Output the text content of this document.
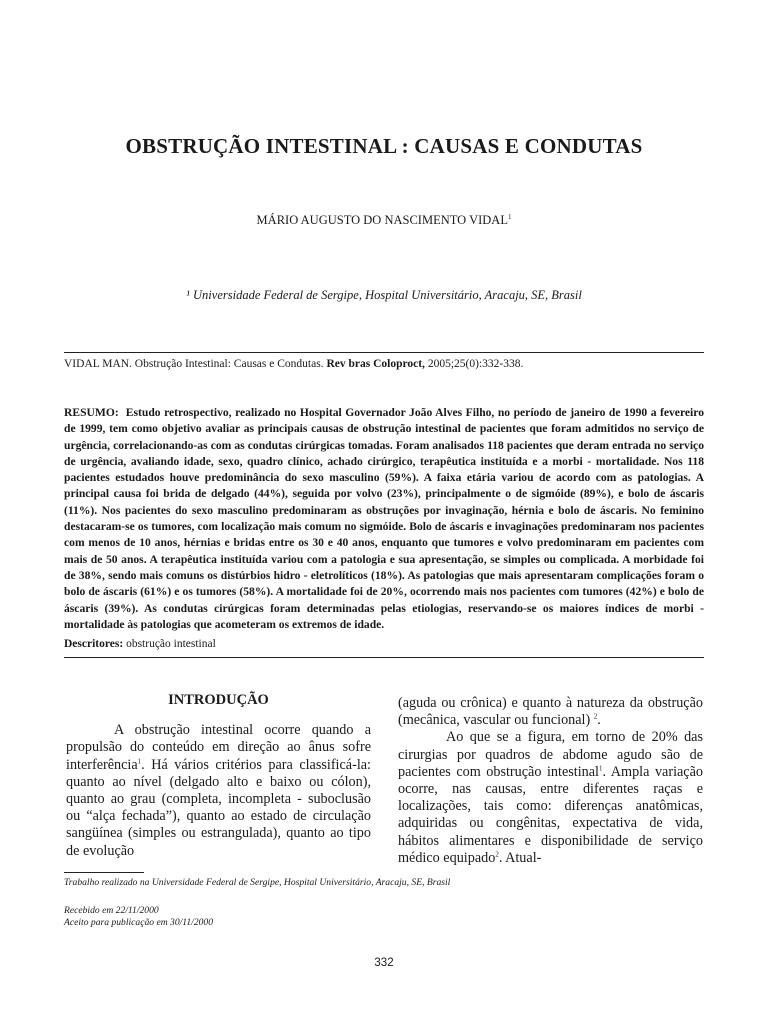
OBSTRUÇÃO INTESTINAL : CAUSAS E CONDUTAS
MÁRIO AUGUSTO DO NASCIMENTO VIDAL$^1$
¹ Universidade Federal de Sergipe, Hospital Universitário, Aracaju, SE, Brasil
VIDAL MAN. Obstrução Intestinal: Causas e Condutas. Rev bras Coloproct, 2005;25(0):332-338.

RESUMO: Estudo retrospectivo, realizado no Hospital Governador João Alves Filho, no período de janeiro de 1990 a fevereiro de 1999, tem como objetivo avaliar as principais causas de obstrução intestinal de pacientes que foram admitidos no serviço de urgência, correlacionando-as com as condutas cirúrgicas tomadas. Foram analisados 118 pacientes que deram entrada no serviço de urgência, avaliando idade, sexo, quadro clínico, achado cirúrgico, terapêutica instituída e a morbi - mortalidade. Nos 118 pacientes estudados houve predominância do sexo masculino (59%). A faixa etária variou de acordo com as patologias. A principal causa foi brida de delgado (44%), seguida por volvo (23%), principalmente o de sigmóide (89%), e bolo de áscaris (11%). Nos pacientes do sexo masculino predominaram as obstruções por invaginação, hérnia e bolo de áscaris. No feminino destacaram-se os tumores, com localização mais comum no sigmóide. Bolo de áscaris e invaginações predominaram nos pacientes com menos de 10 anos, hérnias e bridas entre os 30 e 40 anos, enquanto que tumores e volvo predominaram em pacientes com mais de 50 anos. A terapêutica instituída variou com a patologia e sua apresentação, se simples ou complicada. A morbidade foi de 38%, sendo mais comuns os distúrbios hidro - eletrolíticos (18%). As patologias que mais apresentaram complicações foram o bolo de áscaris (61%) e os tumores (58%). A mortalidade foi de 20%, ocorrendo mais nos pacientes com tumores (42%) e bolo de áscaris (39%). As condutas cirúrgicas foram determinadas pelas etiologias, reservando-se os maiores índices de morbi - mortalidade às patologias que acometeram os extremos de idade.

Descritores: obstrução intestinal
INTRODUÇÃO

A obstrução intestinal ocorre quando a propulsão do conteúdo em direção ao ânus sofre interferência$^1$. Há vários critérios para classificá-la: quanto ao nível (delgado alto e baixo ou cólon), quanto ao grau (completa, incompleta - suboclusão ou “alça fechada”), quanto ao estado de circulação sangüínea (simples ou estrangulada), quanto ao tipo de evolução

(aguda ou crônica) e quanto à natureza da obstrução (mecânica, vascular ou funcional) $^2$.

Ao que se a figura, em torno de 20% das cirurgias por quadros de abdome agudo são de pacientes com obstrução intestinal$^1$. Ampla variação ocorre, nas causas, entre diferentes raças e localizações, tais como: diferenças anatômicas, adquiridas ou congênitas, expectativa de vida, hábitos alimentares e disponibilidade de serviço médico equipado$^2$. Atual-

Trabalho realizado na Universidade Federal de Sergipe, Hospital Universitário, Aracaju, SE, Brasil
Recebido em 22/11/2000
Aceito para publicação em 30/11/2000
332
